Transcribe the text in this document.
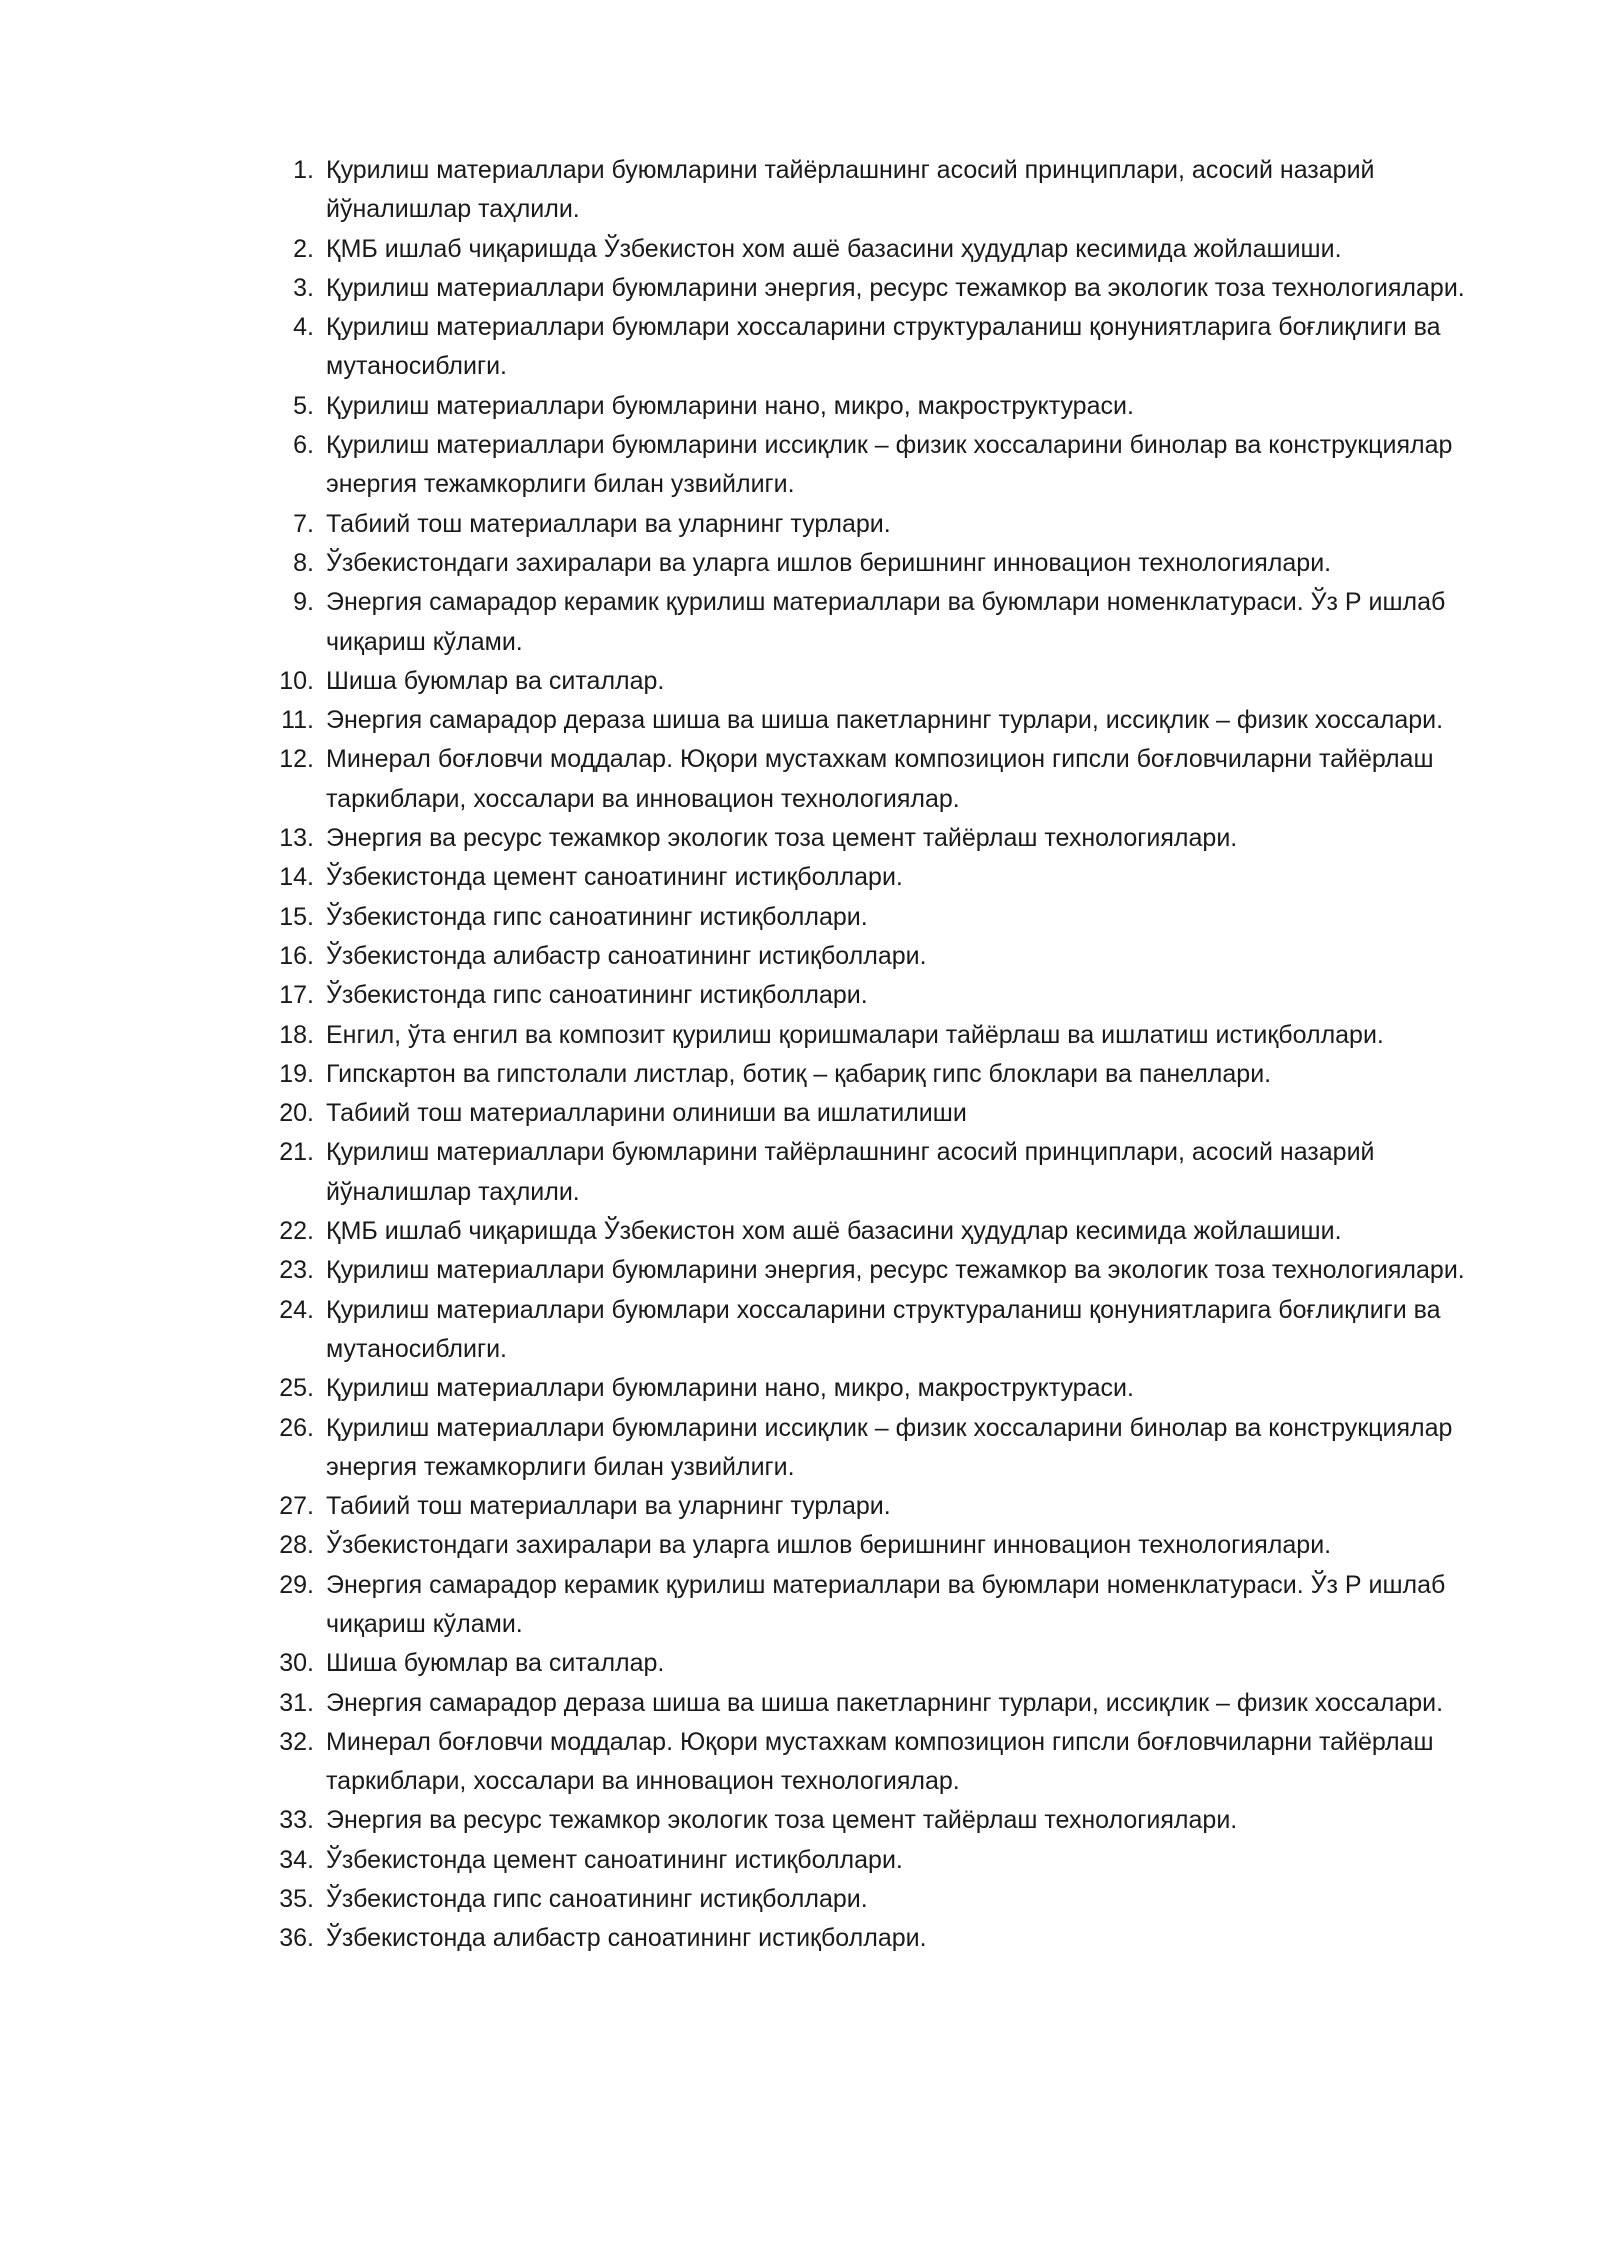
1. Қурилиш материаллари буюмларини тайёрлашнинг асосий принциплари, асосий назарий йўналишлар таҳлили.
2. ҚМБ ишлаб чиқаришда Ўзбекистон хом ашё базасини ҳудудлар кесимида жойлашиши.
3. Қурилиш материаллари буюмларини энергия, ресурс тежамкор ва экологик тоза технологиялари.
4. Қурилиш материаллари буюмлари хоссаларини структураланиш қонуниятларига боғлиқлиги ва мутаносиблиги.
5. Қурилиш материаллари буюмларини нано, микро, макроструктураси.
6. Қурилиш материаллари буюмларини иссиқлик – физик хоссаларини бинолар ва конструкциялар энергия тежамкорлиги билан узвийлиги.
7. Табиий тош материаллари ва уларнинг турлари.
8. Ўзбекистондаги захиралари ва уларга ишлов беришнинг инновацион технологиялари.
9. Энергия самарадор керамик қурилиш материаллари ва буюмлари номенклатураси. Ўз Р ишлаб чиқариш кўлами.
10. Шиша буюмлар ва ситаллар.
11. Энергия самарадор дераза шиша ва шиша пакетларнинг турлари, иссиқлик – физик хоссалари.
12. Минерал боғловчи моддалар. Юқори мустахкам композицион гипсли боғловчиларни тайёрлаш таркиблари, хоссалари ва инновацион технологиялар.
13. Энергия ва ресурс тежамкор экологик тоза цемент тайёрлаш технологиялари.
14. Ўзбекистонда цемент саноатининг истиқболлари.
15. Ўзбекистонда гипс саноатининг истиқболлари.
16. Ўзбекистонда алибастр саноатининг истиқболлари.
17. Ўзбекистонда гипс саноатининг истиқболлари.
18. Енгил, ўта енгил ва композит қурилиш қоришмалари тайёрлаш ва ишлатиш истиқболлари.
19. Гипскартон ва гипстолали листлар, ботиқ – қабариқ гипс блоклари ва панеллари.
20. Табиий тош материалларини олиниши ва ишлатилиши
21. Қурилиш материаллари буюмларини тайёрлашнинг асосий принциплари, асосий назарий йўналишлар таҳлили.
22. ҚМБ ишлаб чиқаришда Ўзбекистон хом ашё базасини ҳудудлар кесимида жойлашиши.
23. Қурилиш материаллари буюмларини энергия, ресурс тежамкор ва экологик тоза технологиялари.
24. Қурилиш материаллари буюмлари хоссаларини структураланиш қонуниятларига боғлиқлиги ва мутаносиблиги.
25. Қурилиш материаллари буюмларини нано, микро, макроструктураси.
26. Қурилиш материаллари буюмларини иссиқлик – физик хоссаларини бинолар ва конструкциялар энергия тежамкорлиги билан узвийлиги.
27. Табиий тош материаллари ва уларнинг турлари.
28. Ўзбекистондаги захиралари ва уларга ишлов беришнинг инновацион технологиялари.
29. Энергия самарадор керамик қурилиш материаллари ва буюмлари номенклатураси. Ўз Р ишлаб чиқариш кўлами.
30. Шиша буюмлар ва ситаллар.
31. Энергия самарадор дераза шиша ва шиша пакетларнинг турлари, иссиқлик – физик хоссалари.
32. Минерал боғловчи моддалар. Юқори мустахкам композицион гипсли боғловчиларни тайёрлаш таркиблари, хоссалари ва инновацион технологиялар.
33. Энергия ва ресурс тежамкор экологик тоза цемент тайёрлаш технологиялари.
34. Ўзбекистонда цемент саноатининг истиқболлари.
35. Ўзбекистонда гипс саноатининг истиқболлари.
36. Ўзбекистонда алибастр саноатининг истиқболлари.
